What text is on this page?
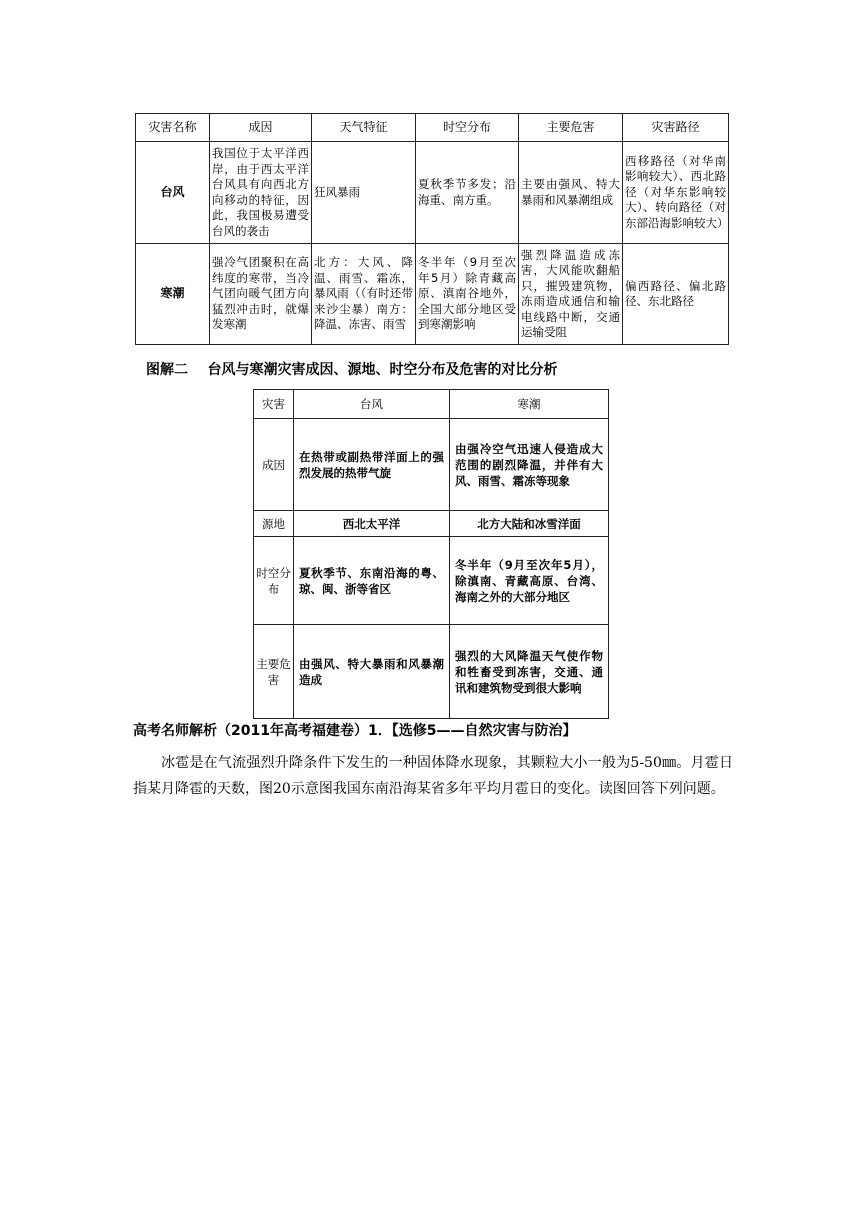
灾害名称	成因	天气特征	时空分布	主要危害	灾害路径
台风	我国位于太平洋西岸，由于西太平洋台风具有向西北方向移动的特征，因此，我国极易遭受台风的袭击	狂风暴雨	夏秋季节多发；沿海重、南方重。	主要由强风、特大暴雨和风暴潮组成	西移路径（对华南影响较大）、西北路径（对华东影响较大）、转向路径（对东部沿海影响较大）
寒潮	强冷气团聚积在高纬度的寒带，当冷气团向暖气团方向猛烈冲击时，就爆发寒潮	北方：大风、降温、雨雪、霜冻，暴风雨（（有时还带来沙尘暴）南方：降温、冻害、雨雪	冬半年（9月至次年5月）除青藏高原、滇南谷地外，全国大部分地区受到寒潮影响	强烈降温造成冻害，大风能吹翻船只，摧毁建筑物，冻雨造成通信和输电线路中断，交通运输受阻	偏西路径、偏北路径、东北路径
图解二    台风与寒潮灾害成因、源地、时空分布及危害的对比分析
灾害	台风	寒潮
成因	在热带或副热带洋面上的强烈发展的热带气旋	由强冷空气迅速人侵造成大范围的剧烈降温，并伴有大风、雨雪、霜冻等现象
源地	西北太平洋	北方大陆和冰雪洋面
时空分布	夏秋季节、东南沿海的粤、琼、闽、浙等省区	冬半年（9月至次年5月），除滇南、青藏高原、台湾、海南之外的大部分地区
主要危害	由强风、特大暴雨和风暴潮造成	强烈的大风降温天气使作物和牲畜受到冻害，交通、通讯和建筑物受到很大影响
高考名师解析（2011年高考福建卷）1．【选修5——自然灾害与防治】
冰雹是在气流强烈升降条件下发生的一种固体降水现象，其颗粒大小一般为5-50㎜。月雹日指某月降雹的天数，图20示意图我国东南沿海某省多年平均月雹日的变化。读图回答下列问题。
